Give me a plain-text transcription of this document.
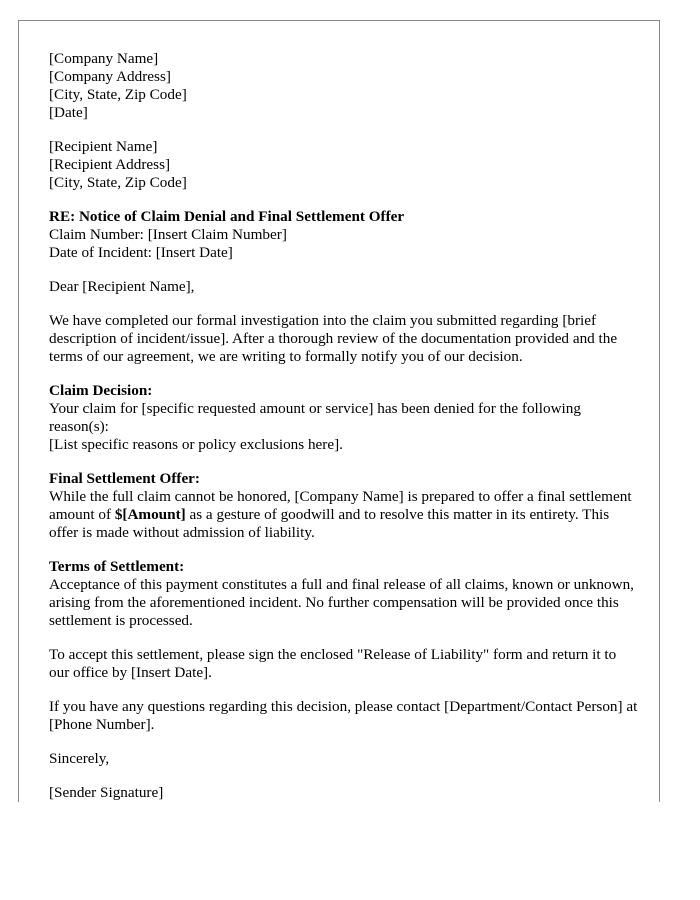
[Company Name]
[Company Address]
[City, State, Zip Code]
[Date]
[Recipient Name]
[Recipient Address]
[City, State, Zip Code]
RE: Notice of Claim Denial and Final Settlement Offer
Claim Number: [Insert Claim Number]
Date of Incident: [Insert Date]
Dear [Recipient Name],
We have completed our formal investigation into the claim you submitted regarding [brief description of incident/issue]. After a thorough review of the documentation provided and the terms of our agreement, we are writing to formally notify you of our decision.
Claim Decision:
Your claim for [specific requested amount or service] has been denied for the following reason(s):
[List specific reasons or policy exclusions here].
Final Settlement Offer:
While the full claim cannot be honored, [Company Name] is prepared to offer a final settlement amount of $[Amount] as a gesture of goodwill and to resolve this matter in its entirety. This offer is made without admission of liability.
Terms of Settlement:
Acceptance of this payment constitutes a full and final release of all claims, known or unknown, arising from the aforementioned incident. No further compensation will be provided once this settlement is processed.
To accept this settlement, please sign the enclosed "Release of Liability" form and return it to our office by [Insert Date].
If you have any questions regarding this decision, please contact [Department/Contact Person] at [Phone Number].
Sincerely,
[Sender Signature]
